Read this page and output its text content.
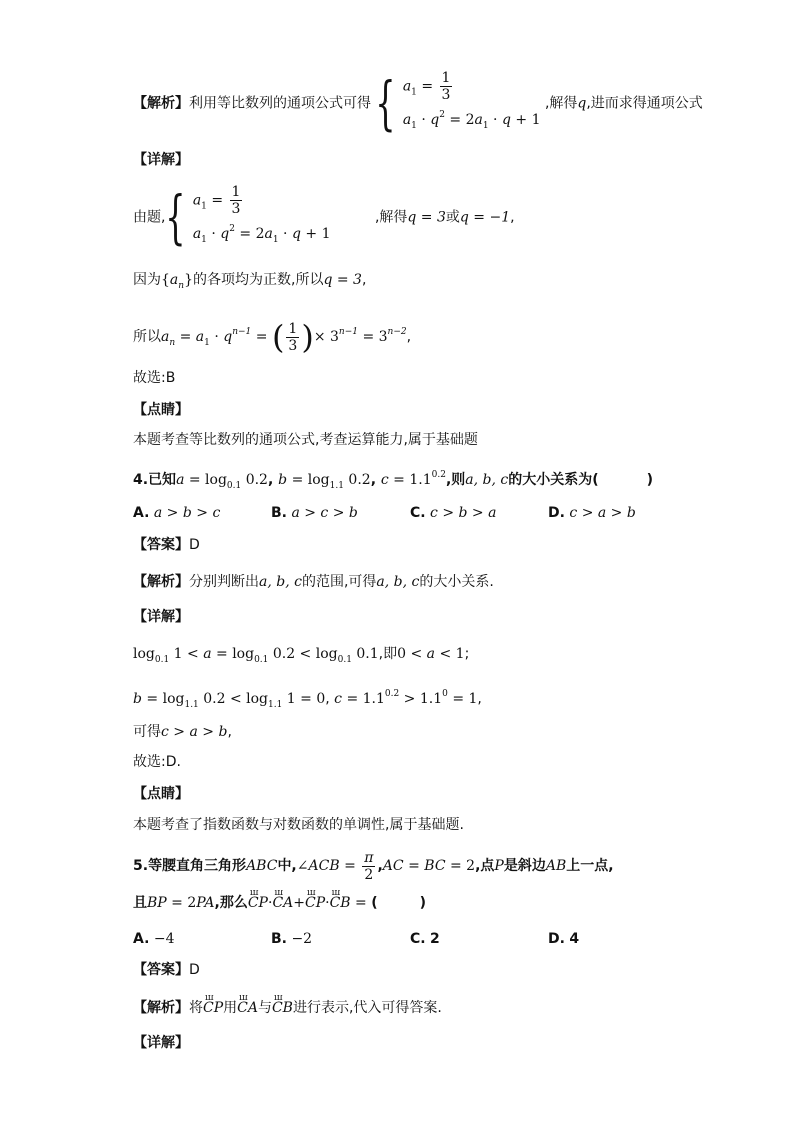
【解析】利用等比数列的通项公式可得 { $a_1 = \frac{1}{3}$
$a_1 \cdot q^2 = 2a_1 \cdot q + 1$
,解得q,进而求得通项公式
【详解】
由题,{ $a_1 = \frac{1}{3}$
$a_1 \cdot q^2 = 2a_1 \cdot q + 1$
,解得q = 3或q = −1,
因为$\{a_n\}$的各项均为正数,所以q = 3,
所以$a_n = a_1 \cdot q^{n-1}$ = ( $\frac{1}{3}$ )× $3^{n-1} = 3^{n-2}$,
故选:B
【点睛】
本题考查等比数列的通项公式,考查运算能力,属于基础题
4.已知$a = \log_{0.1} 0.2$, $b = \log_{1.1} 0.2$, $c = 1.1^{0.2}$,则a, b, c的大小关系为(	)
A. a > b > c	B. a > c > b	C. c > b > a	D. c > a > b
【答案】D
【解析】分别判断出a, b, c的范围,可得a, b, c的大小关系.
【详解】
$\log_{0.1} 1 < a = \log_{0.1} 0.2 < \log_{0.1} 0.1$,即0 < a < 1;
$b = \log_{1.1} 0.2 < \log_{1.1} 1 = 0$, $c = 1.1^{0.2} > 1.1^0 = 1$,
可得c > a > b,
故选:D.
【点睛】
本题考查了指数函数与对数函数的单调性,属于基础题.
5.等腰直角三角形ABC中,∠ACB = $\frac{\pi}{2} ,AC$ = BC = 2,点P是斜边AB上一点,
且BP = 2PA,那么ꟺ CP·ꟺ CA+ꟺ CP·ꟺ CB = (	)
A. −4	B. −2	C. 2	D. 4
【答案】D
【解析】将ꟺ CP用ꟺ CA与ꟺ CB进行表示,代入可得答案.
【详解】
